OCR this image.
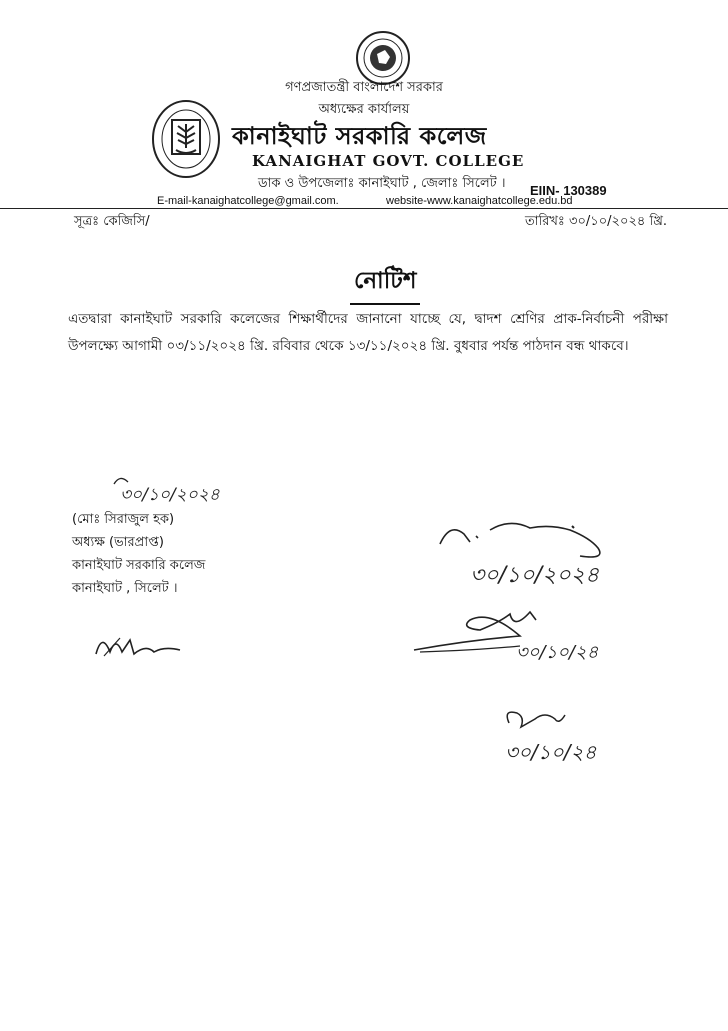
গণপ্রজাতন্ত্রী বাংলাদেশ সরকার
অধ্যক্ষের কার্যালয়
কানাইঘাট সরকারি কলেজ
KANAIGHAT GOVT. COLLEGE
ডাক ও উপজেলাঃ কানাইঘাট , জেলাঃ সিলেট । EIIN- 130389
E-mail-kanaighatcollege@gmail.com.	website-www.kanaighatcollege.edu.bd
সূত্রঃ কেজিসি/	তারিখঃ ৩০/১০/২০২৪ খ্রি.
নোটিশ
এতদ্বারা কানাইঘাট সরকারি কলেজের শিক্ষার্থীদের জানানো যাচ্ছে যে, দ্বাদশ শ্রেণির প্রাক-নির্বাচনী পরীক্ষা উপলক্ষ্যে আগামী ০৩/১১/২০২৪ খ্রি. রবিবার থেকে ১৩/১১/২০২৪ খ্রি. বুধবার পর্যন্ত পাঠদান বন্ধ থাকবে।
৩০/১০/২০২৪
(মোঃ সিরাজুল হক)
অধ্যক্ষ (ভারপ্রাপ্ত)
কানাইঘাট সরকারি কলেজ
কানাইঘাট , সিলেট ।
৩০/১০/২০২৪
৩০/১০/২৪
৩০/১০/২৪
